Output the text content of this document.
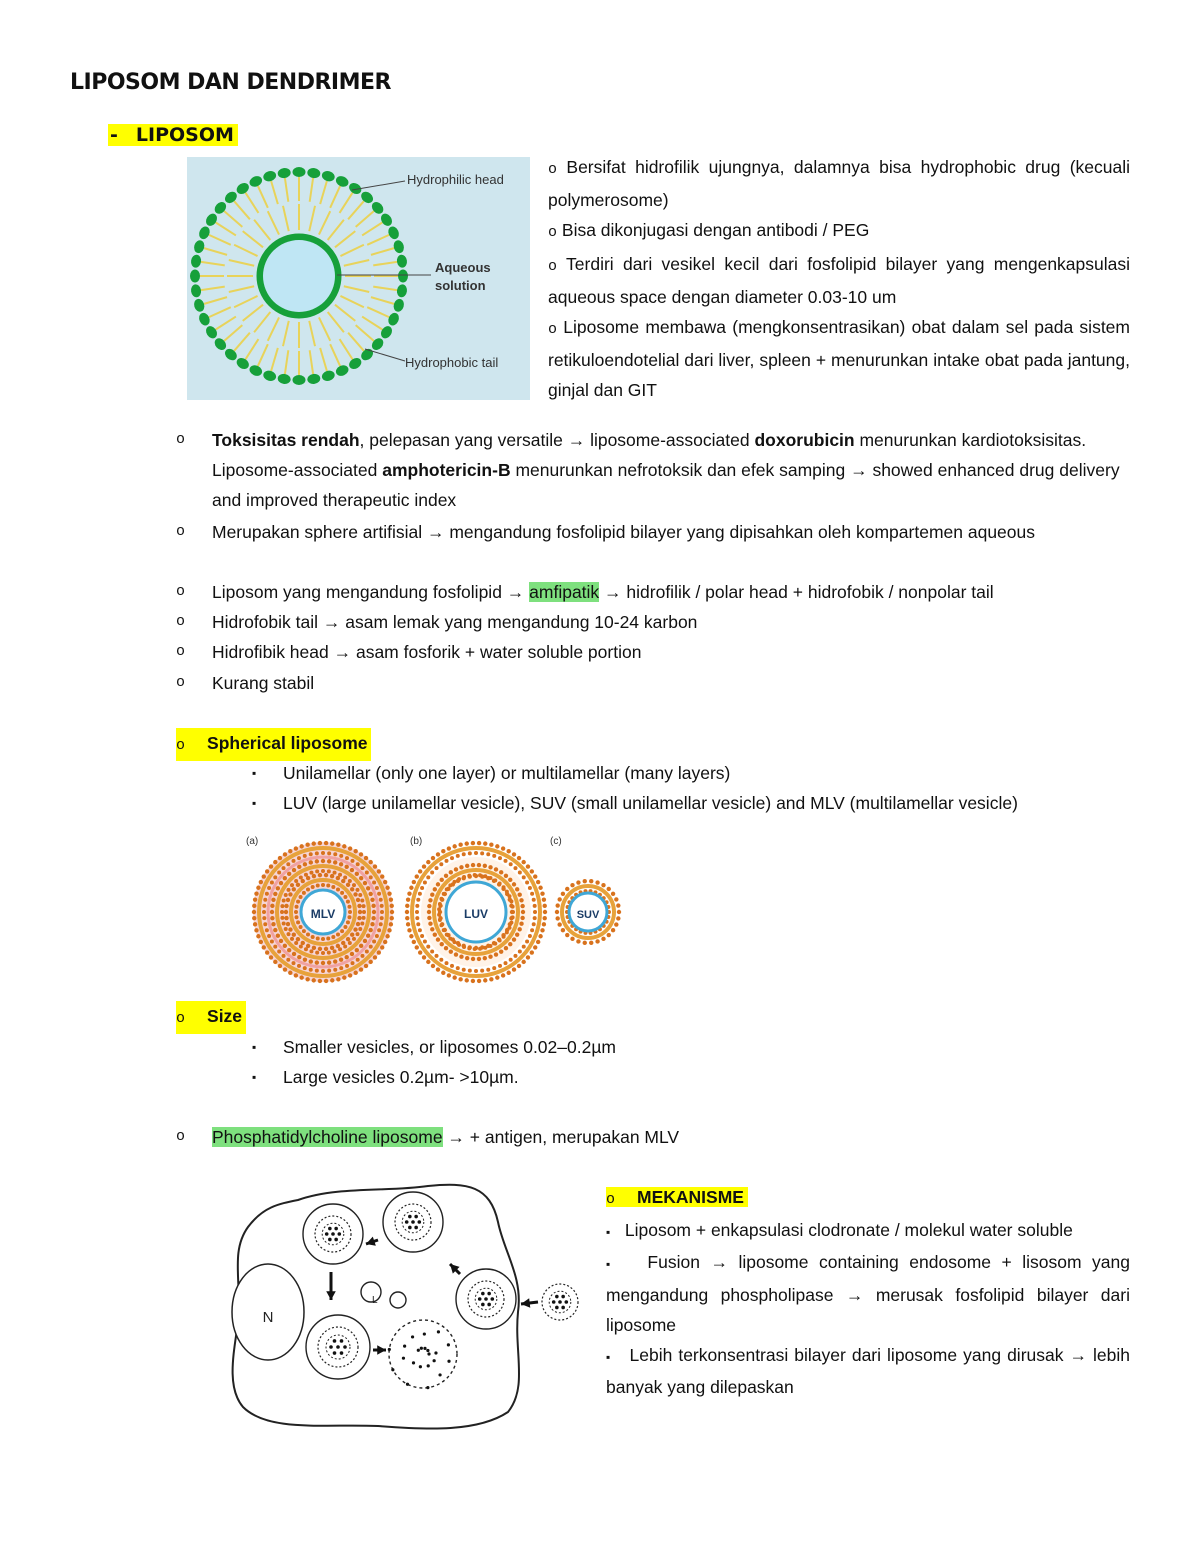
LIPOSOM DAN DENDRIMER
- LIPOSOM
Hydrophilic head
Aqueous
solution
Hydrophobic tail

o Bersifat hidrofilik ujungnya, dalamnya bisa hydrophobic drug (kecuali polymerosome)

o Bisa dikonjugasi dengan antibodi / PEG

o Terdiri dari vesikel kecil dari fosfolipid bilayer yang mengenkapsulasi aqueous space dengan diameter 0.03-10 um

o Liposome membawa (mengkonsentrasikan) obat dalam sel pada sistem retikuloendotelial dari liver, spleen + menurunkan intake obat pada jantung, ginjal dan GIT

o Toksisitas rendah, pelepasan yang versatile → liposome-associated doxorubicin menurunkan kardiotoksisitas. Liposome-associated amphotericin-B menurunkan nefrotoksik dan efek samping → showed enhanced drug delivery and improved therapeutic index

o Merupakan sphere artifisial → mengandung fosfolipid bilayer yang dipisahkan oleh kompartemen aqueous

o Liposom yang mengandung fosfolipid → amfipatik → hidrofilik / polar head + hidrofobik / nonpolar tail
o Hidrofobik tail → asam lemak yang mengandung 10-24 karbon
o Hidrofibik head → asam fosforik + water soluble portion
o Kurang stabil
o Spherical liposome
▪ Unilamellar (only one layer) or multilamellar (many layers)
▪ LUV (large unilamellar vesicle), SUV (small unilamellar vesicle) and MLV (multilamellar vesicle)
(a)	(b)	(c)
MLV	LUV	SUV
o Size
▪ Smaller vesicles, or liposomes 0.02–0.2µm
▪ Large vesicles 0.2µm- >10µm.
o Phosphatidylcholine liposome → + antigen, merupakan MLV
N
L

o MEKANISME

▪ Liposom + enkapsulasi clodronate / molekul water soluble

▪ Fusion → liposome containing endosome + lisosom yang mengandung phospholipase → merusak fosfolipid bilayer dari liposome

▪ Lebih terkonsentrasi bilayer dari liposome yang dirusak → lebih banyak yang dilepaskan
